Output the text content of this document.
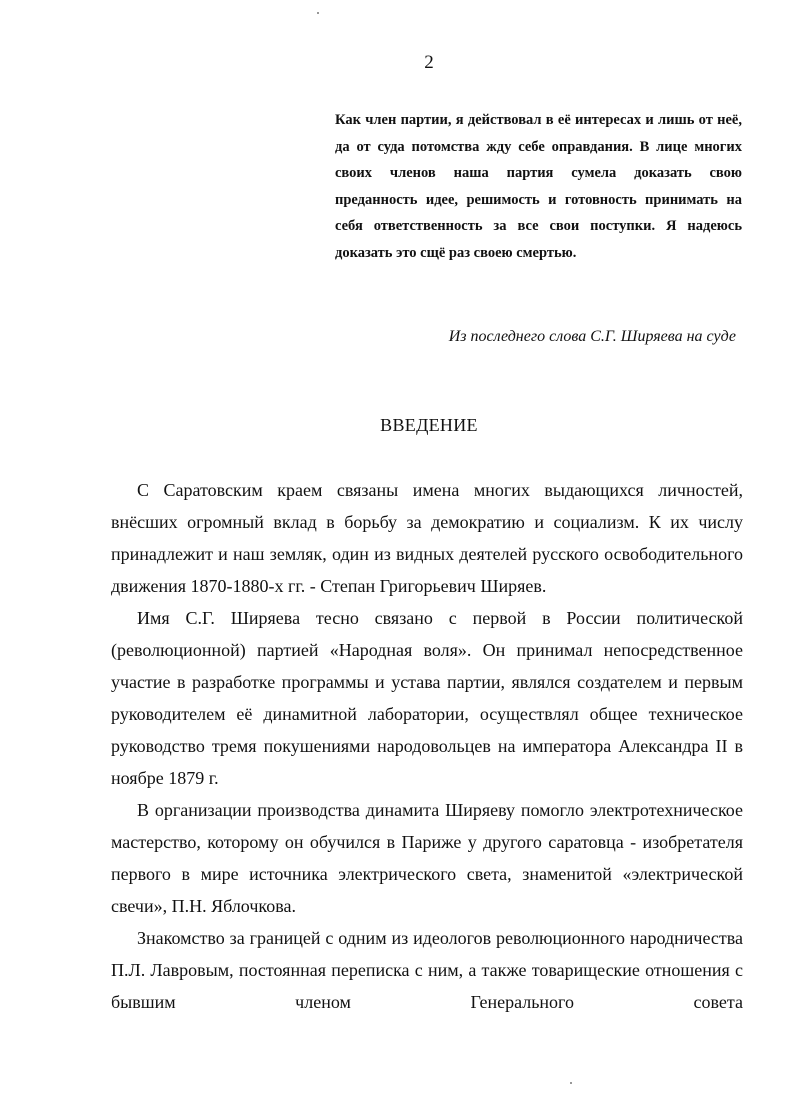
2
Как член партии, я действовал в её интересах и лишь от неё, да от суда потомства жду себе оправдания. В лице многих своих членов наша партия сумела доказать свою преданность идее, решимость и готовность принимать на себя ответственность за все свои поступки. Я надеюсь доказать это сщё раз своею смертью.
Из последнего слова С.Г. Ширяева на суде
ВВЕДЕНИЕ

С Саратовским краем связаны имена многих выдающихся личностей, внёсших огромный вклад в борьбу за демократию и социализм. К их числу принадлежит и наш земляк, один из видных деятелей русского освободительного движения 1870-1880-х гг. - Степан Григорьевич Ширяев.

Имя С.Г. Ширяева тесно связано с первой в России политической (революционной) партией «Народная воля». Он принимал непосредственное участие в разработке программы и устава партии, являлся создателем и первым руководителем её динамитной лаборатории, осуществлял общее техническое руководство тремя покушениями народовольцев на императора Александра II в ноябре 1879 г.

В организации производства динамита Ширяеву помогло электротехническое мастерство, которому он обучился в Париже у другого саратовца - изобретателя первого в мире источника электрического света, знаменитой «электрической свечи», П.Н. Яблочкова.

Знакомство за границей с одним из идеологов революционного народничества П.Л. Лавровым, постоянная переписка с ним, а также товарищеские отношения с бывшим членом Генерального совета
